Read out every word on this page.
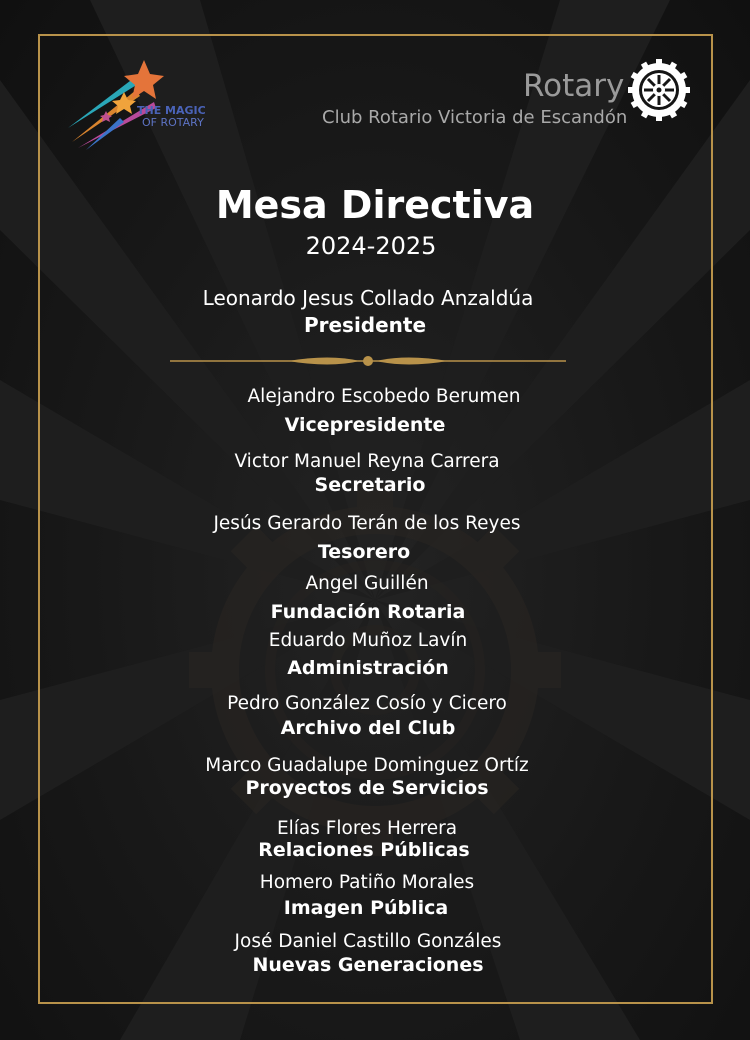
THE MAGIC
OF ROTARY
Rotary
Club Rotario Victoria de Escandón
Mesa Directiva
2024-2025
Leonardo Jesus Collado Anzaldúa
Presidente
Alejandro Escobedo Berumen
Vicepresidente
Victor Manuel Reyna Carrera
Secretario
Jesús Gerardo Terán de los Reyes
Tesorero
Angel Guillén
Fundación Rotaria
Eduardo Muñoz Lavín
Administración
Pedro González Cosío y Cicero
Archivo del Club
Marco Guadalupe Dominguez Ortíz
Proyectos de Servicios
Elías Flores Herrera
Relaciones Públicas
Homero Patiño Morales
Imagen Pública
José Daniel Castillo Gonzáles
Nuevas Generaciones
